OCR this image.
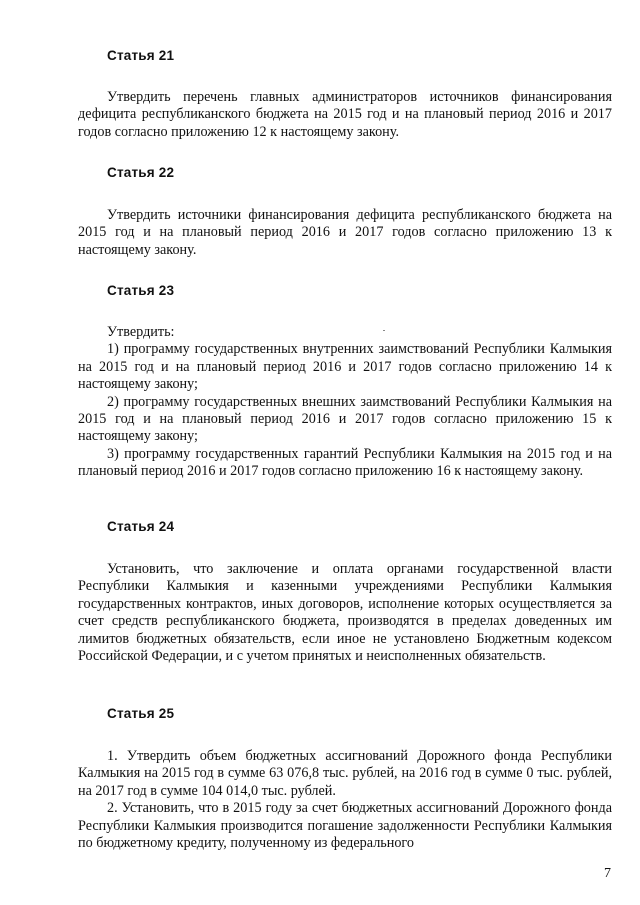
Статья 21

Утвердить перечень главных администраторов источников финансирования дефицита республиканского бюджета на 2015 год и на плановый период 2016 и 2017 годов согласно приложению 12 к настоящему закону.

Статья 22

Утвердить источники финансирования дефицита республиканского бюджета на 2015 год и на плановый период 2016 и 2017 годов согласно приложению 13 к настоящему закону.

Статья 23

Утвердить:

1) программу государственных внутренних заимствований Республики Калмыкия на 2015 год и на плановый период 2016 и 2017 годов согласно приложению 14 к настоящему закону;

2) программу государственных внешних заимствований Республики Калмыкия на 2015 год и на плановый период 2016 и 2017 годов согласно приложению 15 к настоящему закону;

3) программу государственных гарантий Республики Калмыкия на 2015 год и на плановый период 2016 и 2017 годов согласно приложению 16 к настоящему закону.

Статья 24

Установить, что заключение и оплата органами государственной власти Республики Калмыкия и казенными учреждениями Республики Калмыкия государственных контрактов, иных договоров, исполнение которых осуществляется за счет средств республиканского бюджета, производятся в пределах доведенных им лимитов бюджетных обязательств, если иное не установлено Бюджетным кодексом Российской Федерации, и с учетом принятых и неисполненных обязательств.

Статья 25

1. Утвердить объем бюджетных ассигнований Дорожного фонда Республики Калмыкия на 2015 год в сумме 63 076,8 тыс. рублей, на 2016 год в сумме 0 тыс. рублей, на 2017 год в сумме 104 014,0 тыс. рублей.

2. Установить, что в 2015 году за счет бюджетных ассигнований Дорожного фонда Республики Калмыкия производится погашение задолженности Республики Калмыкия по бюджетному кредиту, полученному из федерального

7
